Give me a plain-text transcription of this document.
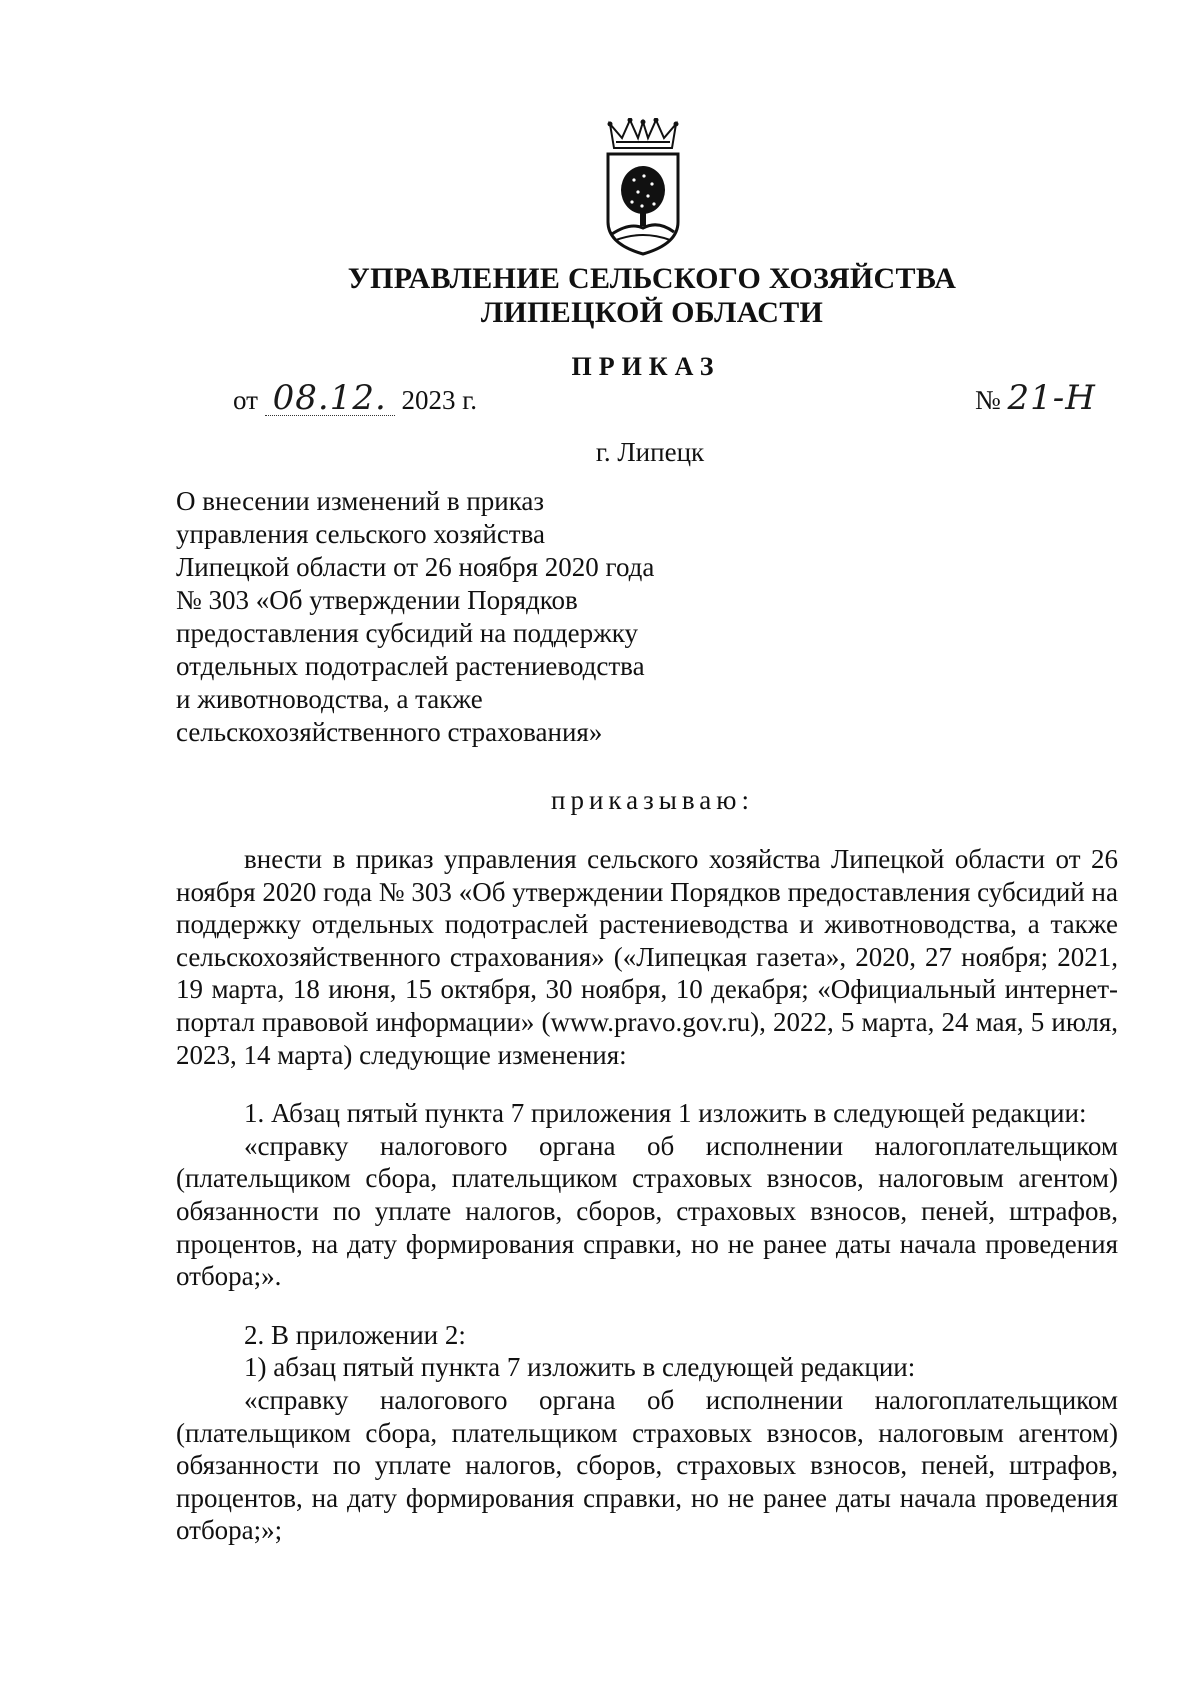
УПРАВЛЕНИЕ СЕЛЬСКОГО ХОЗЯЙСТВА
ЛИПЕЦКОЙ ОБЛАСТИ
ПРИКАЗ
от 08.12. 2023 г.	№ 21-Н
г. Липецк
О внесении изменений в приказ
управления сельского хозяйства
Липецкой области от 26 ноября 2020 года
№ 303 «Об утверждении Порядков
предоставления субсидий на поддержку
отдельных подотраслей растениеводства
и животноводства, а также
сельскохозяйственного страхования»
приказываю:

внести в приказ управления сельского хозяйства Липецкой области от 26 ноября 2020 года № 303 «Об утверждении Порядков предоставления субсидий на поддержку отдельных подотраслей растениеводства и животноводства, а также сельскохозяйственного страхования» («Липецкая газета», 2020, 27 ноября; 2021, 19 марта, 18 июня, 15 октября, 30 ноября, 10 декабря; «Официальный интернет-портал правовой информации» (www.pravo.gov.ru), 2022, 5 марта, 24 мая, 5 июля, 2023, 14 марта) следующие изменения:

1. Абзац пятый пункта 7 приложения 1 изложить в следующей редакции:

«справку налогового органа об исполнении налогоплательщиком (плательщиком сбора, плательщиком страховых взносов, налоговым агентом) обязанности по уплате налогов, сборов, страховых взносов, пеней, штрафов, процентов, на дату формирования справки, но не ранее даты начала проведения отбора;».

2. В приложении 2:

1) абзац пятый пункта 7 изложить в следующей редакции:

«справку налогового органа об исполнении налогоплательщиком (плательщиком сбора, плательщиком страховых взносов, налоговым агентом) обязанности по уплате налогов, сборов, страховых взносов, пеней, штрафов, процентов, на дату формирования справки, но не ранее даты начала проведения отбора;»;
